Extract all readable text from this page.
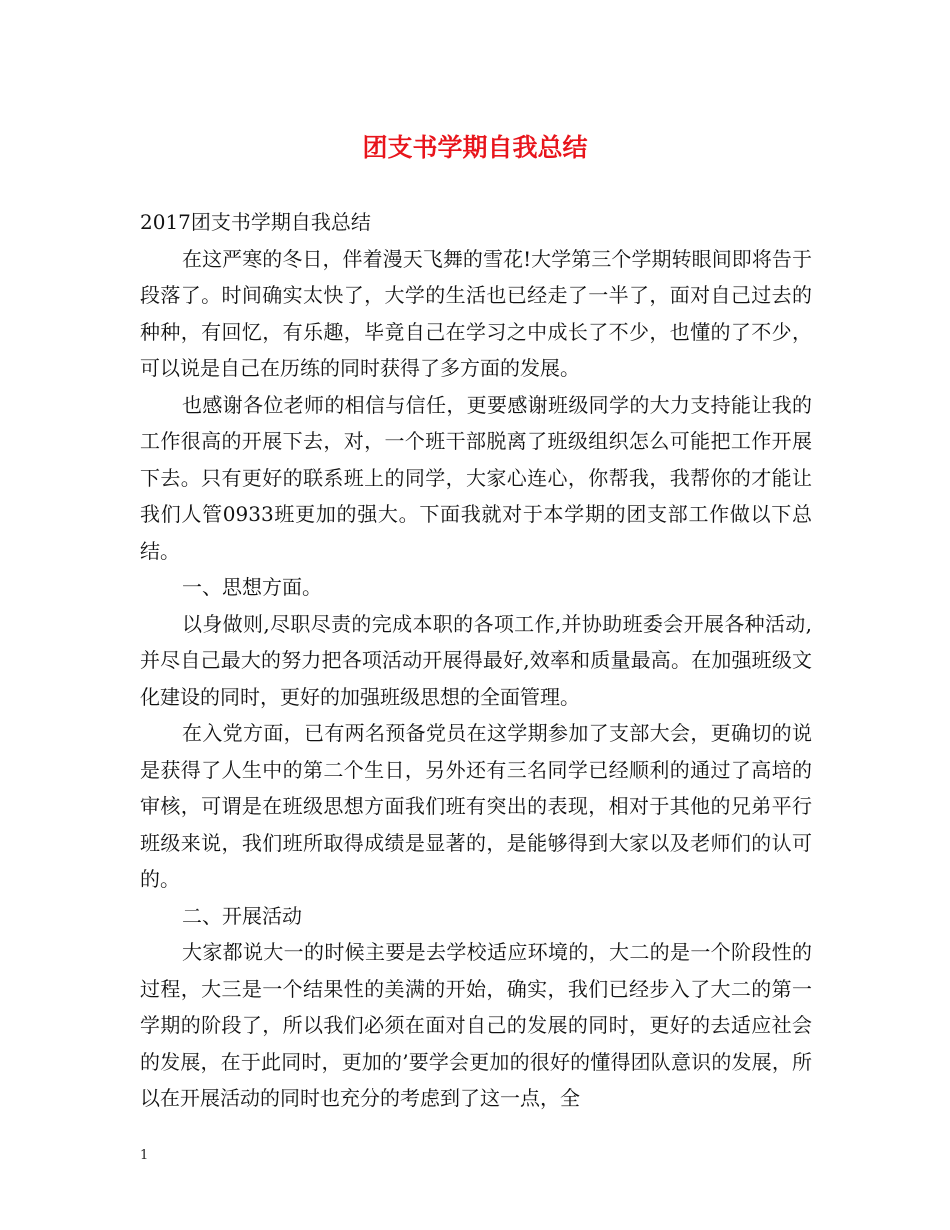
团支书学期自我总结

2017团支书学期自我总结

在这严寒的冬日，伴着漫天飞舞的雪花!大学第三个学期转眼间即将告于段落了。时间确实太快了，大学的生活也已经走了一半了，面对自己过去的种种，有回忆，有乐趣，毕竟自己在学习之中成长了不少，也懂的了不少，可以说是自己在历练的同时获得了多方面的发展。

也感谢各位老师的相信与信任，更要感谢班级同学的大力支持能让我的工作很高的开展下去，对，一个班干部脱离了班级组织怎么可能把工作开展下去。只有更好的联系班上的同学，大家心连心，你帮我，我帮你的才能让我们人管0933班更加的强大。下面我就对于本学期的团支部工作做以下总结。

一、思想方面。

以身做则,尽职尽责的完成本职的各项工作,并协助班委会开展各种活动,并尽自己最大的努力把各项活动开展得最好,效率和质量最高。在加强班级文化建设的同时，更好的加强班级思想的全面管理。

在入党方面，已有两名预备党员在这学期参加了支部大会，更确切的说是获得了人生中的第二个生日，另外还有三名同学已经顺利的通过了高培的审核，可谓是在班级思想方面我们班有突出的表现，相对于其他的兄弟平行班级来说，我们班所取得成绩是显著的，是能够得到大家以及老师们的认可的。

二、开展活动

大家都说大一的时候主要是去学校适应环境的，大二的是一个阶段性的过程，大三是一个结果性的美满的开始，确实，我们已经步入了大二的第一学期的阶段了，所以我们必须在面对自己的发展的同时，更好的去适应社会的发展，在于此同时，更加的’要学会更加的很好的懂得团队意识的发展，所以在开展活动的同时也充分的考虑到了这一点，全

1
